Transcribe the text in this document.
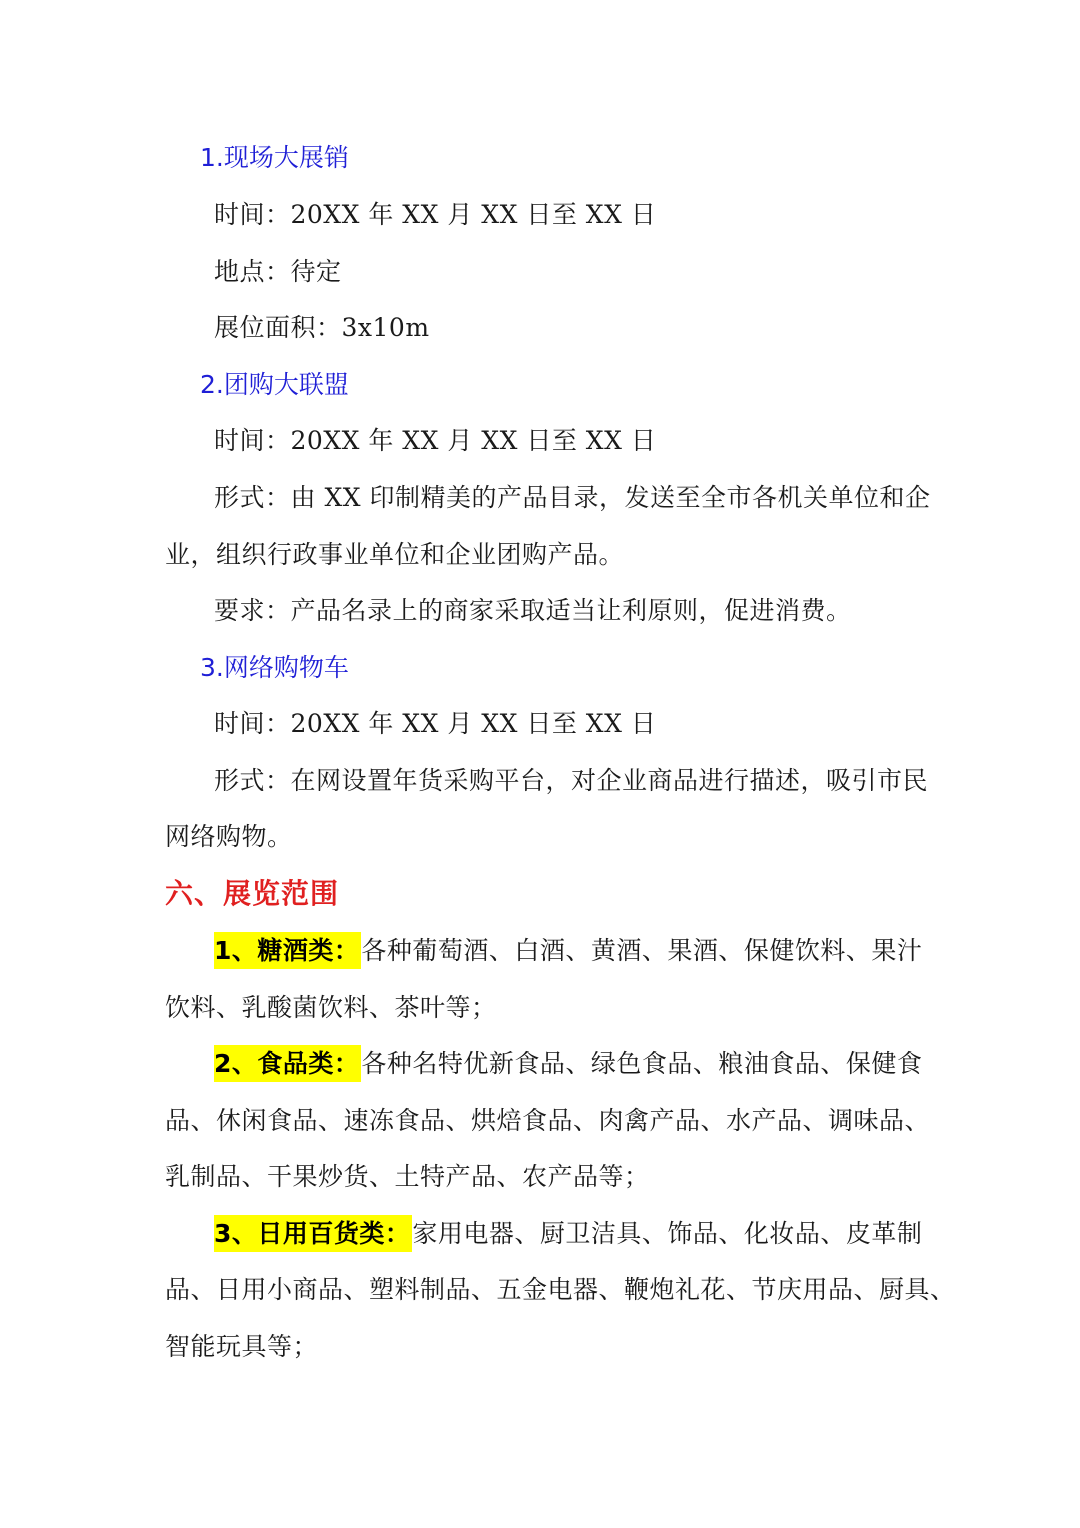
1.现场大展销
时间：20XX 年 XX 月 XX 日至 XX 日
地点：待定
展位面积：3x10m
2.团购大联盟
时间：20XX 年 XX 月 XX 日至 XX 日
形式：由 XX 印制精美的产品目录，发送至全市各机关单位和企
业，组织行政事业单位和企业团购产品。
要求：产品名录上的商家采取适当让利原则，促进消费。
3.网络购物车
时间：20XX 年 XX 月 XX 日至 XX 日
形式：在网设置年货采购平台，对企业商品进行描述，吸引市民
网络购物。
六、展览范围
1、糖酒类：各种葡萄酒、白酒、黄酒、果酒、保健饮料、果汁
饮料、乳酸菌饮料、茶叶等；
2、食品类：各种名特优新食品、绿色食品、粮油食品、保健食
品、休闲食品、速冻食品、烘焙食品、肉禽产品、水产品、调味品、
乳制品、干果炒货、土特产品、农产品等；
3、日用百货类：家用电器、厨卫洁具、饰品、化妆品、皮革制
品、日用小商品、塑料制品、五金电器、鞭炮礼花、节庆用品、厨具、
智能玩具等；
